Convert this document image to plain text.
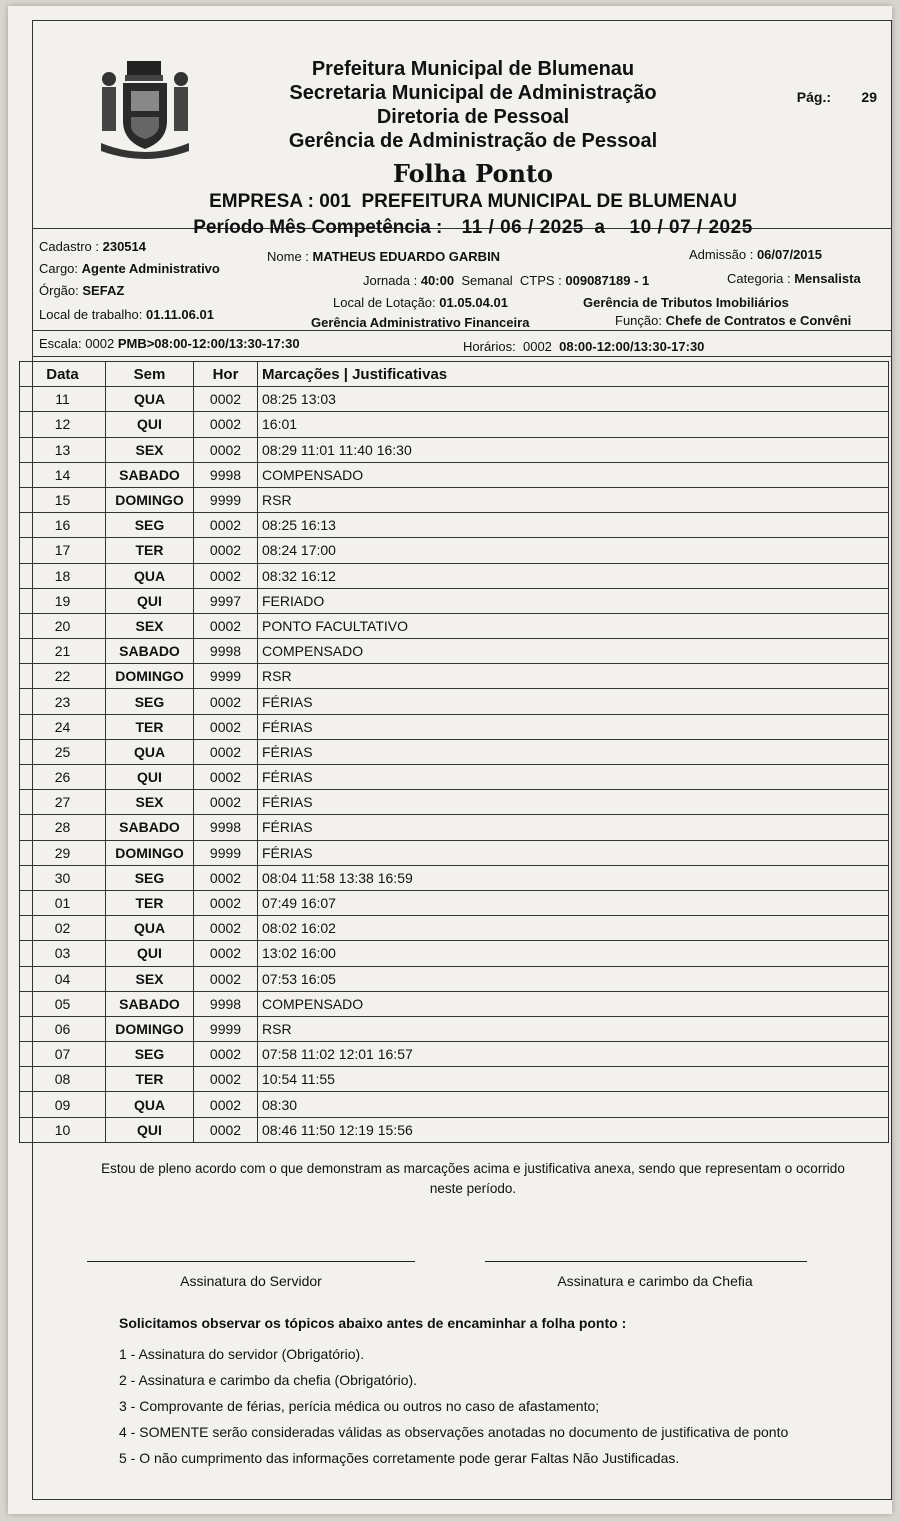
Prefeitura Municipal de Blumenau
Secretaria Municipal de Administração
Diretoria de Pessoal
Gerência de Administração de Pessoal
Folha Ponto
Pág.: 29
EMPRESA : 001 PREFEITURA MUNICIPAL DE BLUMENAU
Período Mês Competência : 11 / 06 / 2025 a 10 / 07 / 2025
Cadastro : 230514
Nome : MATHEUS EDUARDO GARBIN	Admissão : 06/07/2015
Cargo: Agente Administrativo
Jornada : 40:00 Semanal CTPS : 009087189 - 1	Categoria : Mensalista
Órgão: SEFAZ
Local de Lotação: 01.05.04.01	Gerência de Tributos Imobiliários
Local de trabalho: 01.11.06.01
Gerência Administrativo Financeira	Função: Chefe de Contratos e Convêni
Escala: 0002 PMB>08:00-12:00/13:30-17:30	Horários: 0002 08:00-12:00/13:30-17:30
Data	Sem	Hor	Marcações | Justificativas
11	QUA	0002	08:25 13:03
12	QUI	0002	16:01
13	SEX	0002	08:29 11:01 11:40 16:30
14	SABADO	9998	COMPENSADO
15	DOMINGO	9999	RSR
16	SEG	0002	08:25 16:13
17	TER	0002	08:24 17:00
18	QUA	0002	08:32 16:12
19	QUI	9997	FERIADO
20	SEX	0002	PONTO FACULTATIVO
21	SABADO	9998	COMPENSADO
22	DOMINGO	9999	RSR
23	SEG	0002	FÉRIAS
24	TER	0002	FÉRIAS
25	QUA	0002	FÉRIAS
26	QUI	0002	FÉRIAS
27	SEX	0002	FÉRIAS
28	SABADO	9998	FÉRIAS
29	DOMINGO	9999	FÉRIAS
30	SEG	0002	08:04 11:58 13:38 16:59
01	TER	0002	07:49 16:07
02	QUA	0002	08:02 16:02
03	QUI	0002	13:02 16:00
04	SEX	0002	07:53 16:05
05	SABADO	9998	COMPENSADO
06	DOMINGO	9999	RSR
07	SEG	0002	07:58 11:02 12:01 16:57
08	TER	0002	10:54 11:55
09	QUA	0002	08:30
10	QUI	0002	08:46 11:50 12:19 15:56
Estou de pleno acordo com o que demonstram as marcações acima e justificativa anexa, sendo que representam o ocorrido neste período.
Assinatura do Servidor	Assinatura e carimbo da Chefia
Solicitamos observar os tópicos abaixo antes de encaminhar a folha ponto :
1 - Assinatura do servidor (Obrigatório).
2 - Assinatura e carimbo da chefia (Obrigatório).
3 - Comprovante de férias, perícia médica ou outros no caso de afastamento;
4 - SOMENTE serão consideradas válidas as observações anotadas no documento de justificativa de ponto
5 - O não cumprimento das informações corretamente pode gerar Faltas Não Justificadas.
